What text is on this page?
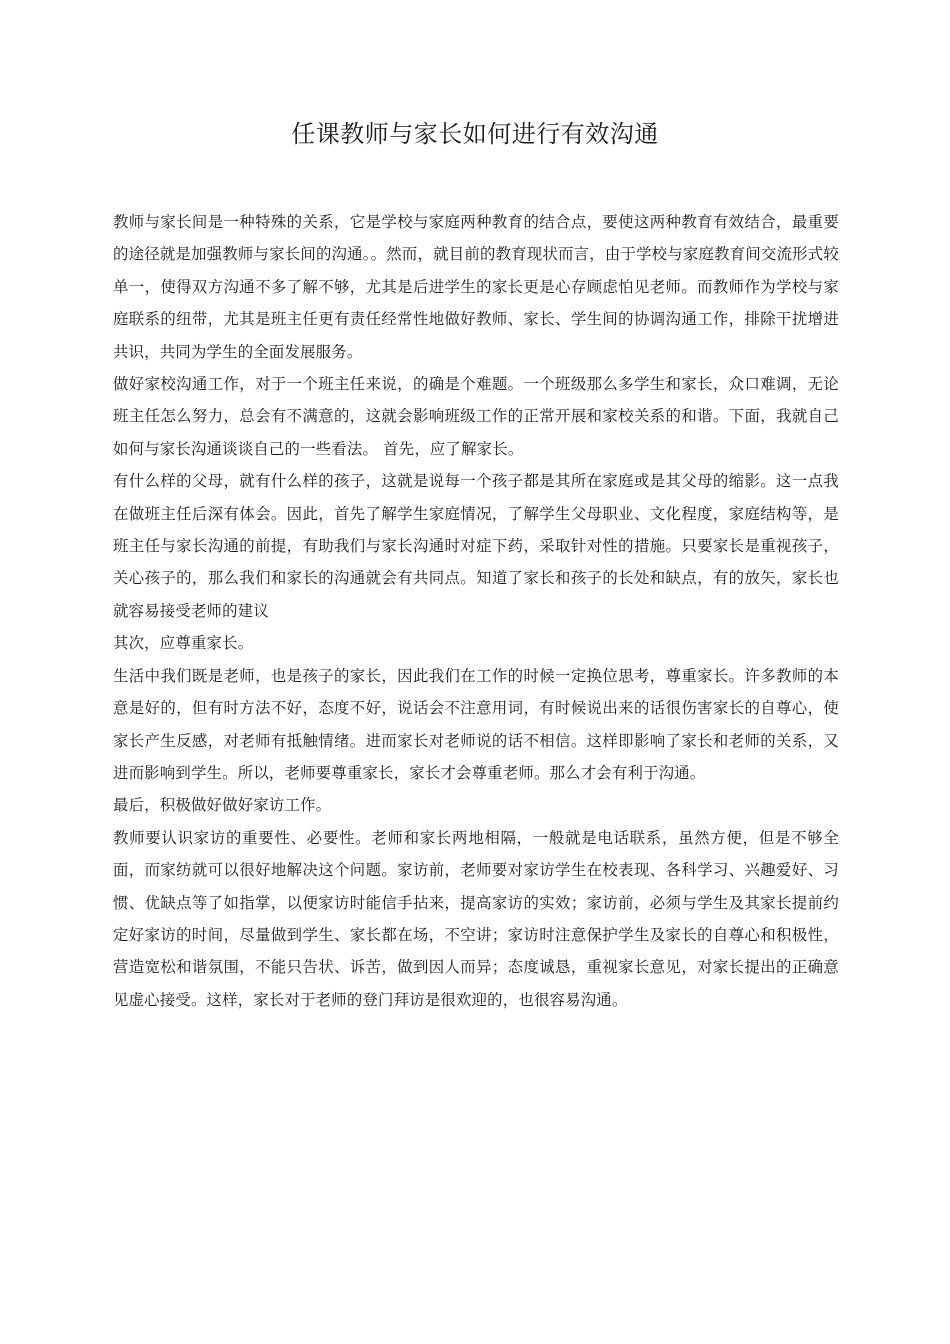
任课教师与家长如何进行有效沟通

教师与家长间是一种特殊的关系，它是学校与家庭两种教育的结合点，要使这两种教育有效结合，最重要的途径就是加强教师与家长间的沟通。。然而，就目前的教育现状而言，由于学校与家庭教育间交流形式较单一，使得双方沟通不多了解不够，尤其是后进学生的家长更是心存顾虑怕见老师。而教师作为学校与家庭联系的纽带，尤其是班主任更有责任经常性地做好教师、家长、学生间的协调沟通工作，排除干扰增进共识，共同为学生的全面发展服务。

做好家校沟通工作，对于一个班主任来说，的确是个难题。一个班级那么多学生和家长，众口难调，无论班主任怎么努力，总会有不满意的，这就会影响班级工作的正常开展和家校关系的和谐。下面，我就自己如何与家长沟通谈谈自己的一些看法。 首先，应了解家长。

有什么样的父母，就有什么样的孩子，这就是说每一个孩子都是其所在家庭或是其父母的缩影。这一点我在做班主任后深有体会。因此，首先了解学生家庭情况，了解学生父母职业、文化程度，家庭结构等，是班主任与家长沟通的前提，有助我们与家长沟通时对症下药，采取针对性的措施。只要家长是重视孩子，关心孩子的，那么我们和家长的沟通就会有共同点。知道了家长和孩子的长处和缺点，有的放矢，家长也就容易接受老师的建议

其次，应尊重家长。

生活中我们既是老师，也是孩子的家长，因此我们在工作的时候一定换位思考，尊重家长。许多教师的本意是好的，但有时方法不好，态度不好，说话会不注意用词，有时候说出来的话很伤害家长的自尊心，使家长产生反感，对老师有抵触情绪。进而家长对老师说的话不相信。这样即影响了家长和老师的关系，又进而影响到学生。所以，老师要尊重家长，家长才会尊重老师。那么才会有利于沟通。

最后，积极做好做好家访工作。

教师要认识家访的重要性、必要性。老师和家长两地相隔，一般就是电话联系，虽然方便，但是不够全面，而家纺就可以很好地解决这个问题。家访前，老师要对家访学生在校表现、各科学习、兴趣爱好、习惯、优缺点等了如指掌，以便家访时能信手拈来，提高家访的实效；家访前，必须与学生及其家长提前约定好家访的时间，尽量做到学生、家长都在场，不空讲；家访时注意保护学生及家长的自尊心和积极性，营造宽松和谐氛围，不能只告状、诉苦，做到因人而异；态度诚恳，重视家长意见，对家长提出的正确意见虚心接受。这样，家长对于老师的登门拜访是很欢迎的，也很容易沟通。
